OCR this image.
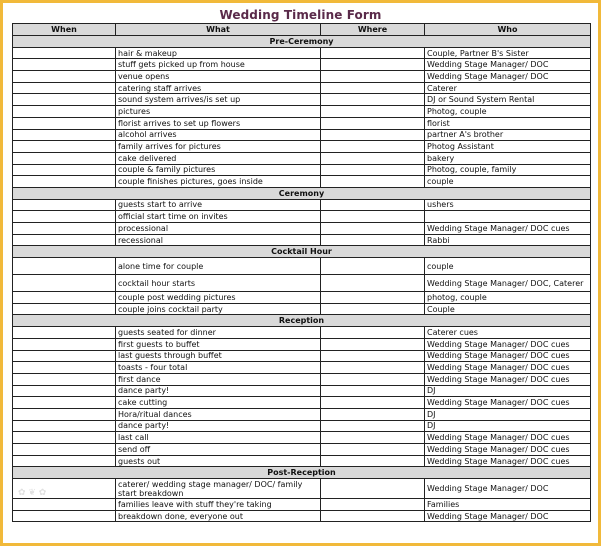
Wedding Timeline Form
When	What	Where	Who
Pre-Ceremony			
	hair & makeup		Couple, Partner B's Sister
	stuff gets picked up from house		Wedding Stage Manager/ DOC
	venue opens		Wedding Stage Manager/ DOC
	catering staff arrives		Caterer
	sound system arrives/is set up		DJ or Sound System Rental
	pictures		Photog, couple
	florist arrives to set up flowers		florist
	alcohol arrives		partner A's brother
	family arrives for pictures		Photog Assistant
	cake delivered		bakery
	couple & family pictures		Photog, couple, family
	couple finishes pictures, goes inside		couple
Ceremony			
	guests start to arrive		ushers
	official start time on invites		
	processional		Wedding Stage Manager/ DOC cues
	recessional		Rabbi
Cocktail Hour			
	alone time for couple		couple
	cocktail hour starts		Wedding Stage Manager/ DOC, Caterer
	couple post wedding pictures		photog, couple
	couple joins cocktail party		Couple
Reception			
	guests seated for dinner		Caterer cues
	first guests to buffet		Wedding Stage Manager/ DOC cues
	last guests through buffet		Wedding Stage Manager/ DOC cues
	toasts - four total		Wedding Stage Manager/ DOC cues
	first dance		Wedding Stage Manager/ DOC cues
	dance party!		DJ
	cake cutting		Wedding Stage Manager/ DOC cues
	Hora/ritual dances		DJ
	dance party!		DJ
	last call		Wedding Stage Manager/ DOC cues
	send off		Wedding Stage Manager/ DOC cues
	guests out		Wedding Stage Manager/ DOC cues
Post-Reception			
	caterer/ wedding stage manager/ DOC/ family start breakdown		Wedding Stage Manager/ DOC
	families leave with stuff they're taking		Families
	breakdown done, everyone out		Wedding Stage Manager/ DOC
✿ ❦ ✿
